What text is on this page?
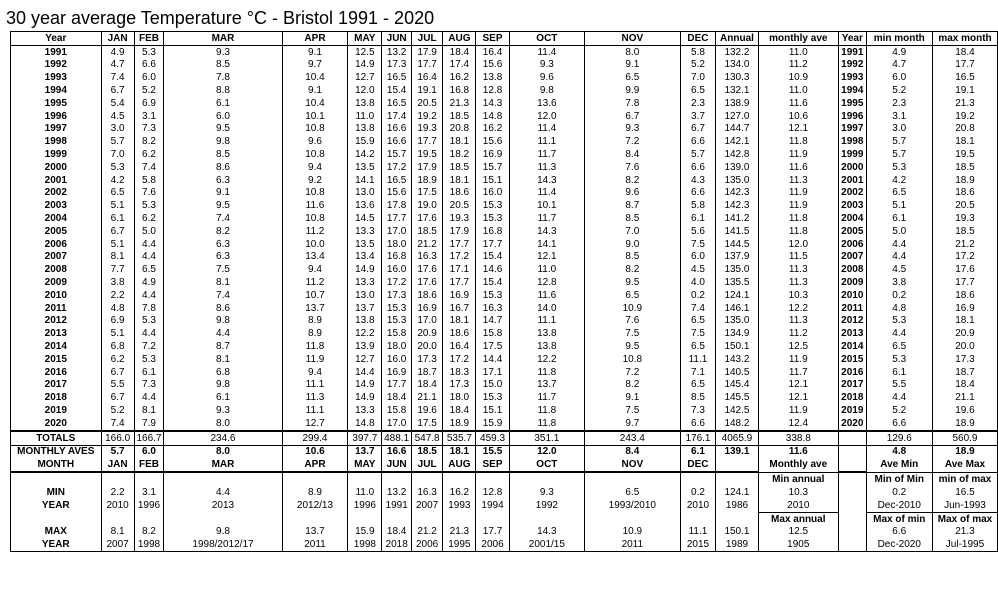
30 year average Temperature °C - Bristol 1991 - 2020
Year	JAN	FEB	MAR	APR	MAY	JUN	JUL	AUG	SEP	OCT	NOV	DEC	Annual	monthly ave	Year	min month	max month
1991	4.9	5.3	9.3	9.1	12.5	13.2	17.9	18.4	16.4	11.4	8.0	5.8	132.2	11.0	1991	4.9	18.4
1992	4.7	6.6	8.5	9.7	14.9	17.3	17.7	17.4	15.6	9.3	9.1	5.2	134.0	11.2	1992	4.7	17.7
1993	7.4	6.0	7.8	10.4	12.7	16.5	16.4	16.2	13.8	9.6	6.5	7.0	130.3	10.9	1993	6.0	16.5
1994	6.7	5.2	8.8	9.1	12.0	15.4	19.1	16.8	12.8	9.8	9.9	6.5	132.1	11.0	1994	5.2	19.1
1995	5.4	6.9	6.1	10.4	13.8	16.5	20.5	21.3	14.3	13.6	7.8	2.3	138.9	11.6	1995	2.3	21.3
1996	4.5	3.1	6.0	10.1	11.0	17.4	19.2	18.5	14.8	12.0	6.7	3.7	127.0	10.6	1996	3.1	19.2
1997	3.0	7.3	9.5	10.8	13.8	16.6	19.3	20.8	16.2	11.4	9.3	6.7	144.7	12.1	1997	3.0	20.8
1998	5.7	8.2	9.8	9.6	15.9	16.6	17.7	18.1	15.6	11.1	7.2	6.6	142.1	11.8	1998	5.7	18.1
1999	7.0	6.2	8.5	10.8	14.2	15.7	19.5	18.2	16.9	11.7	8.4	5.7	142.8	11.9	1999	5.7	19.5
2000	5.3	7.4	8.6	9.4	13.5	17.2	17.9	18.5	15.7	11.3	7.6	6.6	139.0	11.6	2000	5.3	18.5
2001	4.2	5.8	6.3	9.2	14.1	16.5	18.9	18.1	15.1	14.3	8.2	4.3	135.0	11.3	2001	4.2	18.9
2002	6.5	7.6	9.1	10.8	13.0	15.6	17.5	18.6	16.0	11.4	9.6	6.6	142.3	11.9	2002	6.5	18.6
2003	5.1	5.3	9.5	11.6	13.6	17.8	19.0	20.5	15.3	10.1	8.7	5.8	142.3	11.9	2003	5.1	20.5
2004	6.1	6.2	7.4	10.8	14.5	17.7	17.6	19.3	15.3	11.7	8.5	6.1	141.2	11.8	2004	6.1	19.3
2005	6.7	5.0	8.2	11.2	13.3	17.0	18.5	17.9	16.8	14.3	7.0	5.6	141.5	11.8	2005	5.0	18.5
2006	5.1	4.4	6.3	10.0	13.5	18.0	21.2	17.7	17.7	14.1	9.0	7.5	144.5	12.0	2006	4.4	21.2
2007	8.1	4.4	6.3	13.4	13.4	16.8	16.3	17.2	15.4	12.1	8.5	6.0	137.9	11.5	2007	4.4	17.2
2008	7.7	6.5	7.5	9.4	14.9	16.0	17.6	17.1	14.6	11.0	8.2	4.5	135.0	11.3	2008	4.5	17.6
2009	3.8	4.9	8.1	11.2	13.3	17.2	17.6	17.7	15.4	12.8	9.5	4.0	135.5	11.3	2009	3.8	17.7
2010	2.2	4.4	7.4	10.7	13.0	17.3	18.6	16.9	15.3	11.6	6.5	0.2	124.1	10.3	2010	0.2	18.6
2011	4.8	7.8	8.6	13.7	13.7	15.3	16.9	16.7	16.3	14.0	10.9	7.4	146.1	12.2	2011	4.8	16.9
2012	6.9	5.3	9.8	8.9	13.8	15.3	17.0	18.1	14.7	11.1	7.6	6.5	135.0	11.3	2012	5.3	18.1
2013	5.1	4.4	4.4	8.9	12.2	15.8	20.9	18.6	15.8	13.8	7.5	7.5	134.9	11.2	2013	4.4	20.9
2014	6.8	7.2	8.7	11.8	13.9	18.0	20.0	16.4	17.5	13.8	9.5	6.5	150.1	12.5	2014	6.5	20.0
2015	6.2	5.3	8.1	11.9	12.7	16.0	17.3	17.2	14.4	12.2	10.8	11.1	143.2	11.9	2015	5.3	17.3
2016	6.7	6.1	6.8	9.4	14.4	16.9	18.7	18.3	17.1	11.8	7.2	7.1	140.5	11.7	2016	6.1	18.7
2017	5.5	7.3	9.8	11.1	14.9	17.7	18.4	17.3	15.0	13.7	8.2	6.5	145.4	12.1	2017	5.5	18.4
2018	6.7	4.4	6.1	11.3	14.9	18.4	21.1	18.0	15.3	11.7	9.1	8.5	145.5	12.1	2018	4.4	21.1
2019	5.2	8.1	9.3	11.1	13.3	15.8	19.6	18.4	15.1	11.8	7.5	7.3	142.5	11.9	2019	5.2	19.6
2020	7.4	7.9	8.0	12.7	14.8	17.0	17.5	18.9	15.9	11.8	9.7	6.6	148.2	12.4	2020	6.6	18.9
TOTALS	166.0	166.7	234.6	299.4	397.7	488.1	547.8	535.7	459.3	351.1	243.4	176.1	4065.9	338.8		129.6	560.9
MONTHLY AVES	5.7	6.0	8.0	10.6	13.7	16.6	18.5	18.1	15.5	12.0	8.4	6.1	139.1	11.6		4.8	18.9
MONTH	JAN	FEB	MAR	APR	MAY	JUN	JUL	AUG	SEP	OCT	NOV	DEC		Monthly ave		Ave Min	Ave Max
														Min annual		Min of Min	min of max
MIN	2.2	3.1	4.4	8.9	11.0	13.2	16.3	16.2	12.8	9.3	6.5	0.2	124.1	10.3		0.2	16.5
YEAR	2010	1996	2013	2012/13	1996	1991	2007	1993	1994	1992	1993/2010	2010	1986	2010		Dec-2010	Jun-1993
														Max annual		Max of min	Max of max
MAX	8.1	8.2	9.8	13.7	15.9	18.4	21.2	21.3	17.7	14.3	10.9	11.1	150.1	12.5		6.6	21.3
YEAR	2007	1998	1998/2012/17	2011	1998	2018	2006	1995	2006	2001/15	2011	2015	1989	1905		Dec-2020	Jul-1995
